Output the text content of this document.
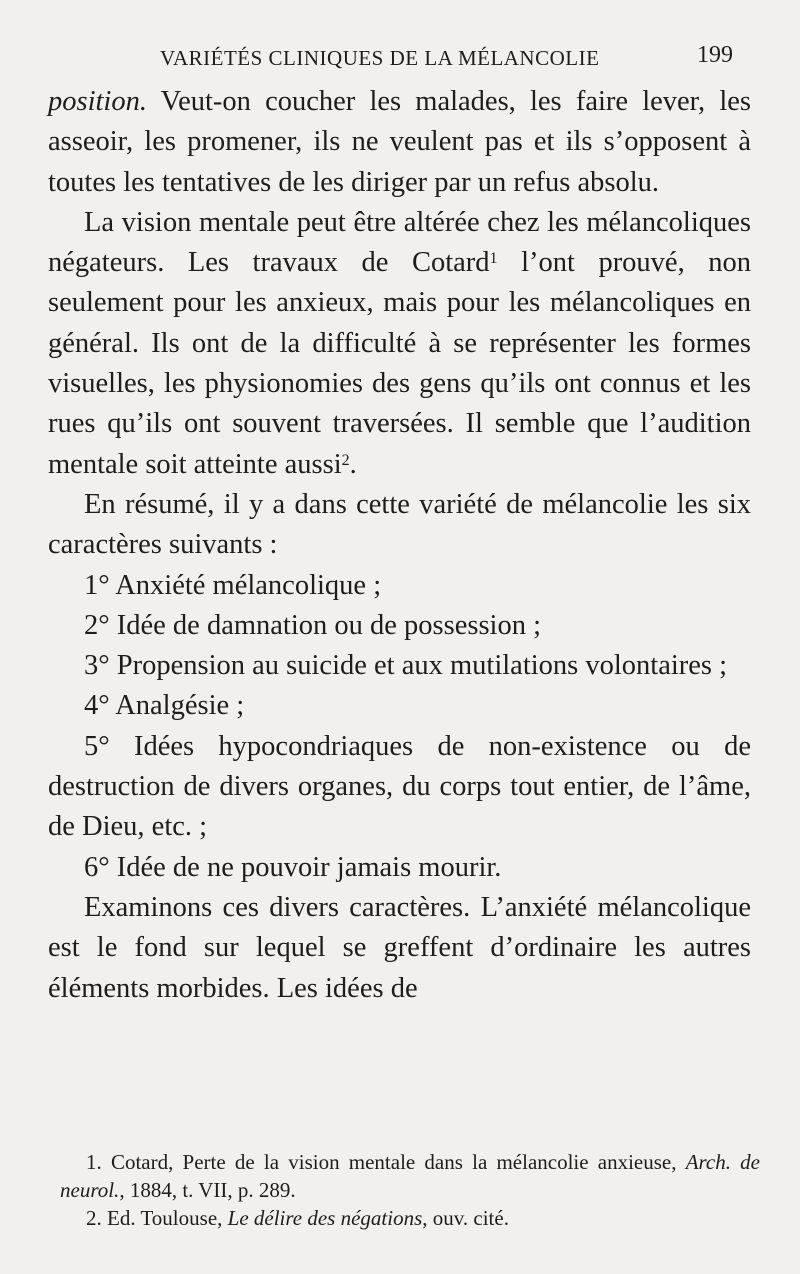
VARIÉTÉS CLINIQUES DE LA MÉLANCOLIE	199

position. Veut-on coucher les malades, les faire lever, les asseoir, les promener, ils ne veulent pas et ils s’opposent à toutes les tentatives de les diriger par un refus absolu.

La vision mentale peut être altérée chez les mélancoliques négateurs. Les travaux de Cotard$^1$ l’ont prouvé, non seulement pour les anxieux, mais pour les mélancoliques en général. Ils ont de la difficulté à se représenter les formes visuelles, les physionomies des gens qu’ils ont connus et les rues qu’ils ont souvent traversées. Il semble que l’audition mentale soit atteinte aussi$^2$.

En résumé, il y a dans cette variété de mélancolie les six caractères suivants :

1° Anxiété mélancolique ;

2° Idée de damnation ou de possession ;

3° Propension au suicide et aux mutilations volontaires ;

4° Analgésie ;

5° Idées hypocondriaques de non-existence ou de destruction de divers organes, du corps tout entier, de l’âme, de Dieu, etc. ;

6° Idée de ne pouvoir jamais mourir.

Examinons ces divers caractères. L’anxiété mélancolique est le fond sur lequel se greffent d’ordinaire les autres éléments morbides. Les idées de

1. Cotard, Perte de la vision mentale dans la mélancolie anxieuse, Arch. de neurol., 1884, t. VII, p. 289.

2. Ed. Toulouse, Le délire des négations, ouv. cité.
